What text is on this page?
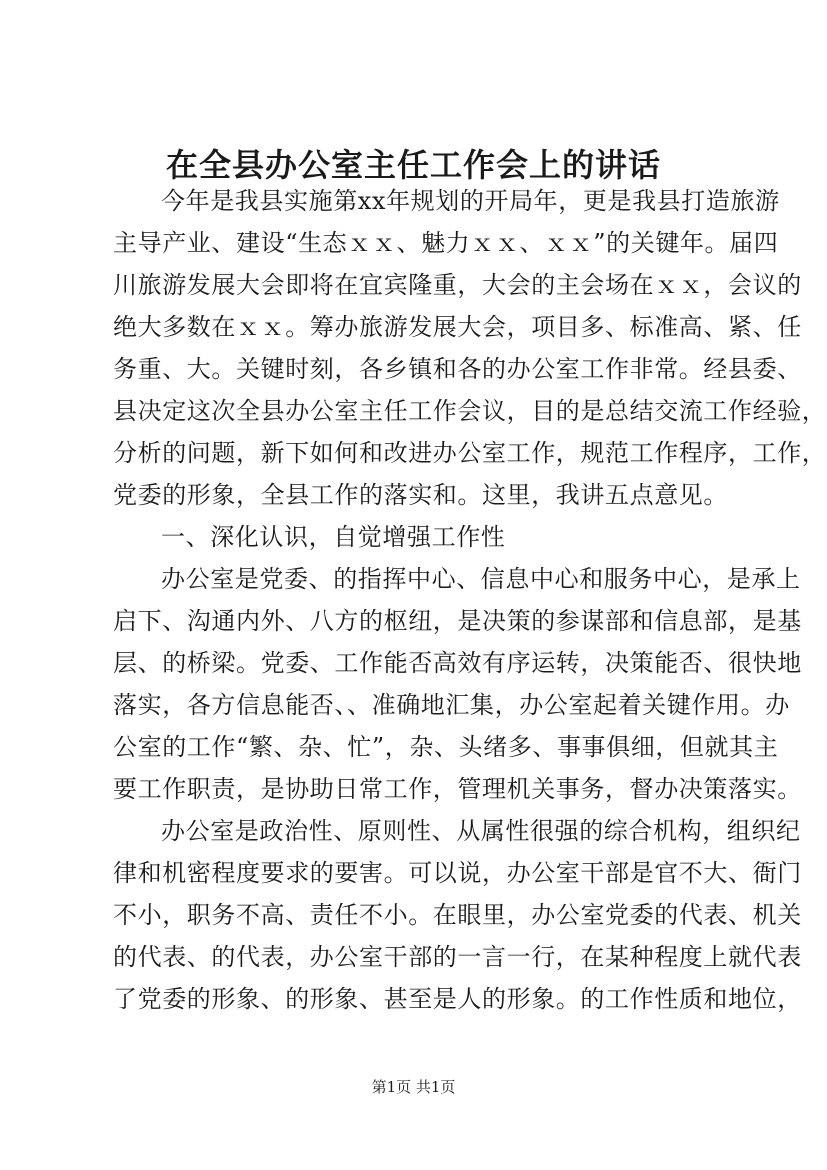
在全县办公室主任工作会上的讲话
今年是我县实施第xx年规划的开局年，更是我县打造旅游
主导产业、建设“生态ｘｘ、魅力ｘｘ、ｘｘ”的关键年。届四
川旅游发展大会即将在宜宾隆重，大会的主会场在ｘｘ，会议的
绝大多数在ｘｘ。筹办旅游发展大会，项目多、标准高、紧、任
务重、大。关键时刻，各乡镇和各的办公室工作非常。经县委、
县决定这次全县办公室主任工作会议，目的是总结交流工作经验，
分析的问题，新下如何和改进办公室工作，规范工作程序，工作，
党委的形象，全县工作的落实和。这里，我讲五点意见。
一、深化认识，自觉增强工作性
办公室是党委、的指挥中心、信息中心和服务中心，是承上
启下、沟通内外、八方的枢纽，是决策的参谋部和信息部，是基
层、的桥梁。党委、工作能否高效有序运转，决策能否、很快地
落实，各方信息能否、、准确地汇集，办公室起着关键作用。办
公室的工作“繁、杂、忙”，杂、头绪多、事事俱细，但就其主
要工作职责，是协助日常工作，管理机关事务，督办决策落实。
办公室是政治性、原则性、从属性很强的综合机构，组织纪
律和机密程度要求的要害。可以说，办公室干部是官不大、衙门
不小，职务不高、责任不小。在眼里，办公室党委的代表、机关
的代表、的代表，办公室干部的一言一行，在某种程度上就代表
了党委的形象、的形象、甚至是人的形象。的工作性质和地位，
第1页 共1页
